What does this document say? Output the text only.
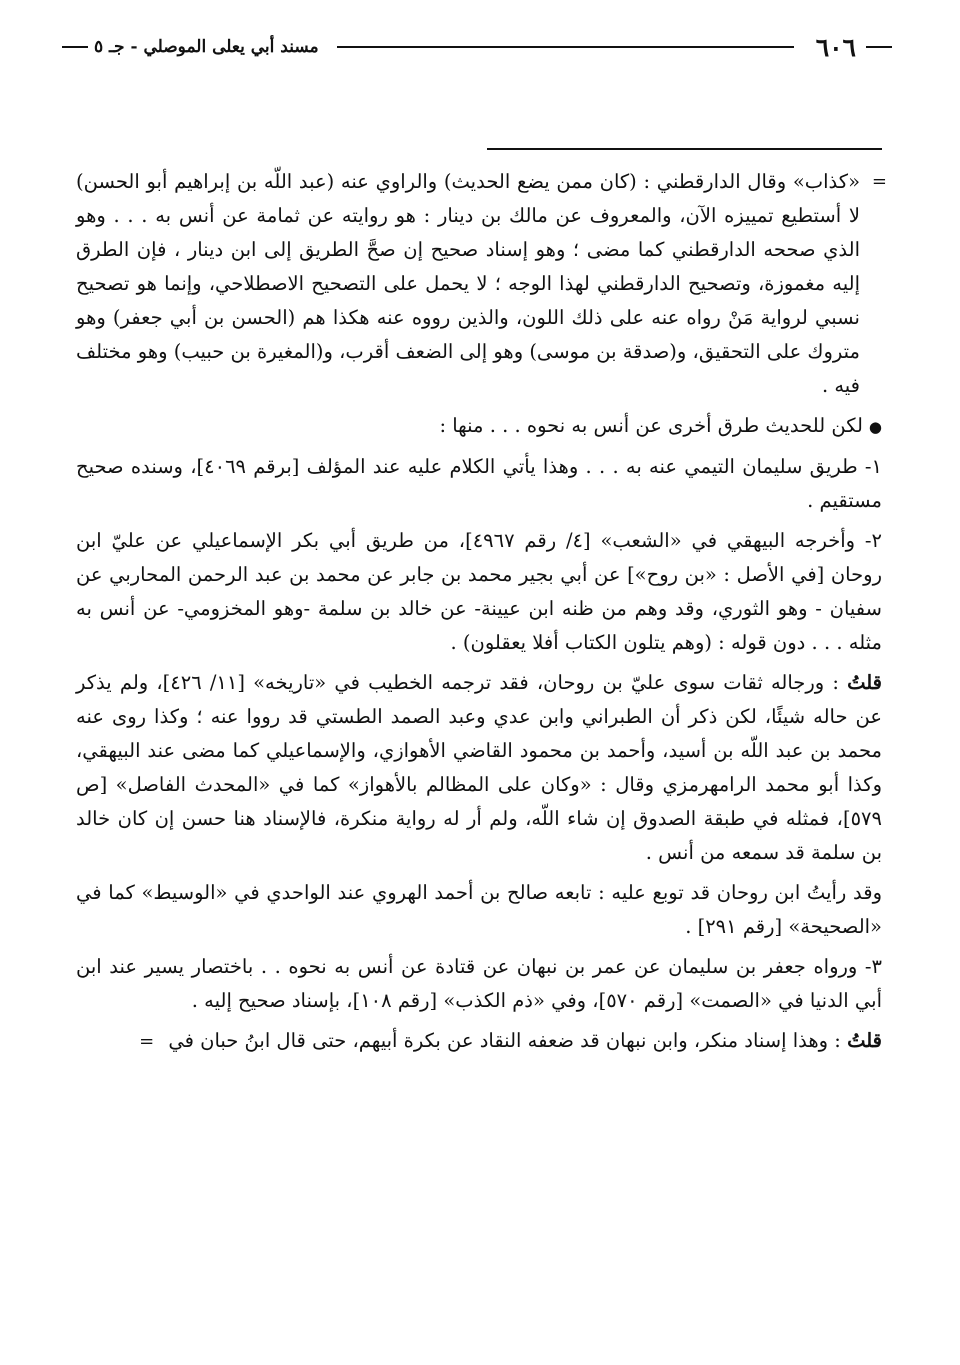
٦٠٦
مسند أبي يعلى الموصلي - جـ ٥

=
«كذاب» وقال الدارقطني : (كان ممن يضع الحديث) والراوي عنه (عبد اللّه بن إبراهيم أبو الحسن) لا أستطيع تمييزه الآن، والمعروف عن مالك بن دينار : هو روايته عن ثمامة عن أنس به . . . وهو الذي صححه الدارقطني كما مضى ؛ وهو إسناد صحيح إن صحَّ الطريق إلى ابن دينار ، فإن الطرق إليه مغموزة، وتصحيح الدارقطني لهذا الوجه ؛ لا يحمل على التصحيح الاصطلاحي، وإنما هو تصحيح نسبي لرواية مَنْ رواه عنه على ذلك اللون، والذين رووه عنه هكذا هم (الحسن بن أبي جعفر) وهو متروك على التحقيق، و(صدقة بن موسى) وهو إلى الضعف أقرب، و(المغيرة بن حبيب) وهو مختلف فيه .

●لكن للحديث طرق أخرى عن أنس به نحوه . . . منها :

١- طريق سليمان التيمي عنه به . . . وهذا يأتي الكلام عليه عند المؤلف [برقم ٤٠٦٩]، وسنده صحيح مستقيم .

٢- وأخرجه البيهقي في «الشعب» [٤/ رقم ٤٩٦٧]، من طريق أبي بكر الإسماعيلي عن عليّ ابن روحان [في الأصل : «بن روح»] عن أبي بجير محمد بن جابر عن محمد بن عبد الرحمن المحاربي عن سفيان - وهو الثوري، وقد وهم من ظنه ابن عيينة- عن خالد بن سلمة -وهو المخزومي- عن أنس به مثله . . . دون قوله : (وهم يتلون الكتاب أفلا يعقلون) .

قلتُ : ورجاله ثقات سوى عليّ بن روحان، فقد ترجمه الخطيب في «تاريخه» [١١/ ٤٢٦]، ولم يذكر عن حاله شيئًا، لكن ذكر أن الطبراني وابن عدي وعبد الصمد الطستي قد رووا عنه ؛ وكذا روى عنه محمد بن عبد اللّه بن أسيد، وأحمد بن محمود القاضي الأهوازي، والإسماعيلي كما مضى عند البيهقي، وكذا أبو محمد الرامهرمزي وقال : «وكان على المظالم بالأهواز» كما في «المحدث الفاصل» [ص ٥٧٩]، فمثله في طبقة الصدوق إن شاء اللّه، ولم أر له رواية منكرة، فالإسناد هنا حسن إن كان خالد بن سلمة قد سمعه من أنس .

وقد رأيتُ ابن روحان قد توبع عليه : تابعه صالح بن أحمد الهروي عند الواحدي في «الوسيط» كما في «الصحيحة» [رقم ٢٩١] .

٣- ورواه جعفر بن سليمان عن عمر بن نبهان عن قتادة عن أنس به نحوه . . باختصار يسير عند ابن أبي الدنيا في «الصمت» [رقم ٥٧٠]، وفي «ذم الكذب» [رقم ١٠٨]، بإسناد صحيح إليه .

قلتُ : وهذا إسناد منكر، وابن نبهان قد ضعفه النقاد عن بكرة أبيهم، حتى قال ابنُ حبان في =
